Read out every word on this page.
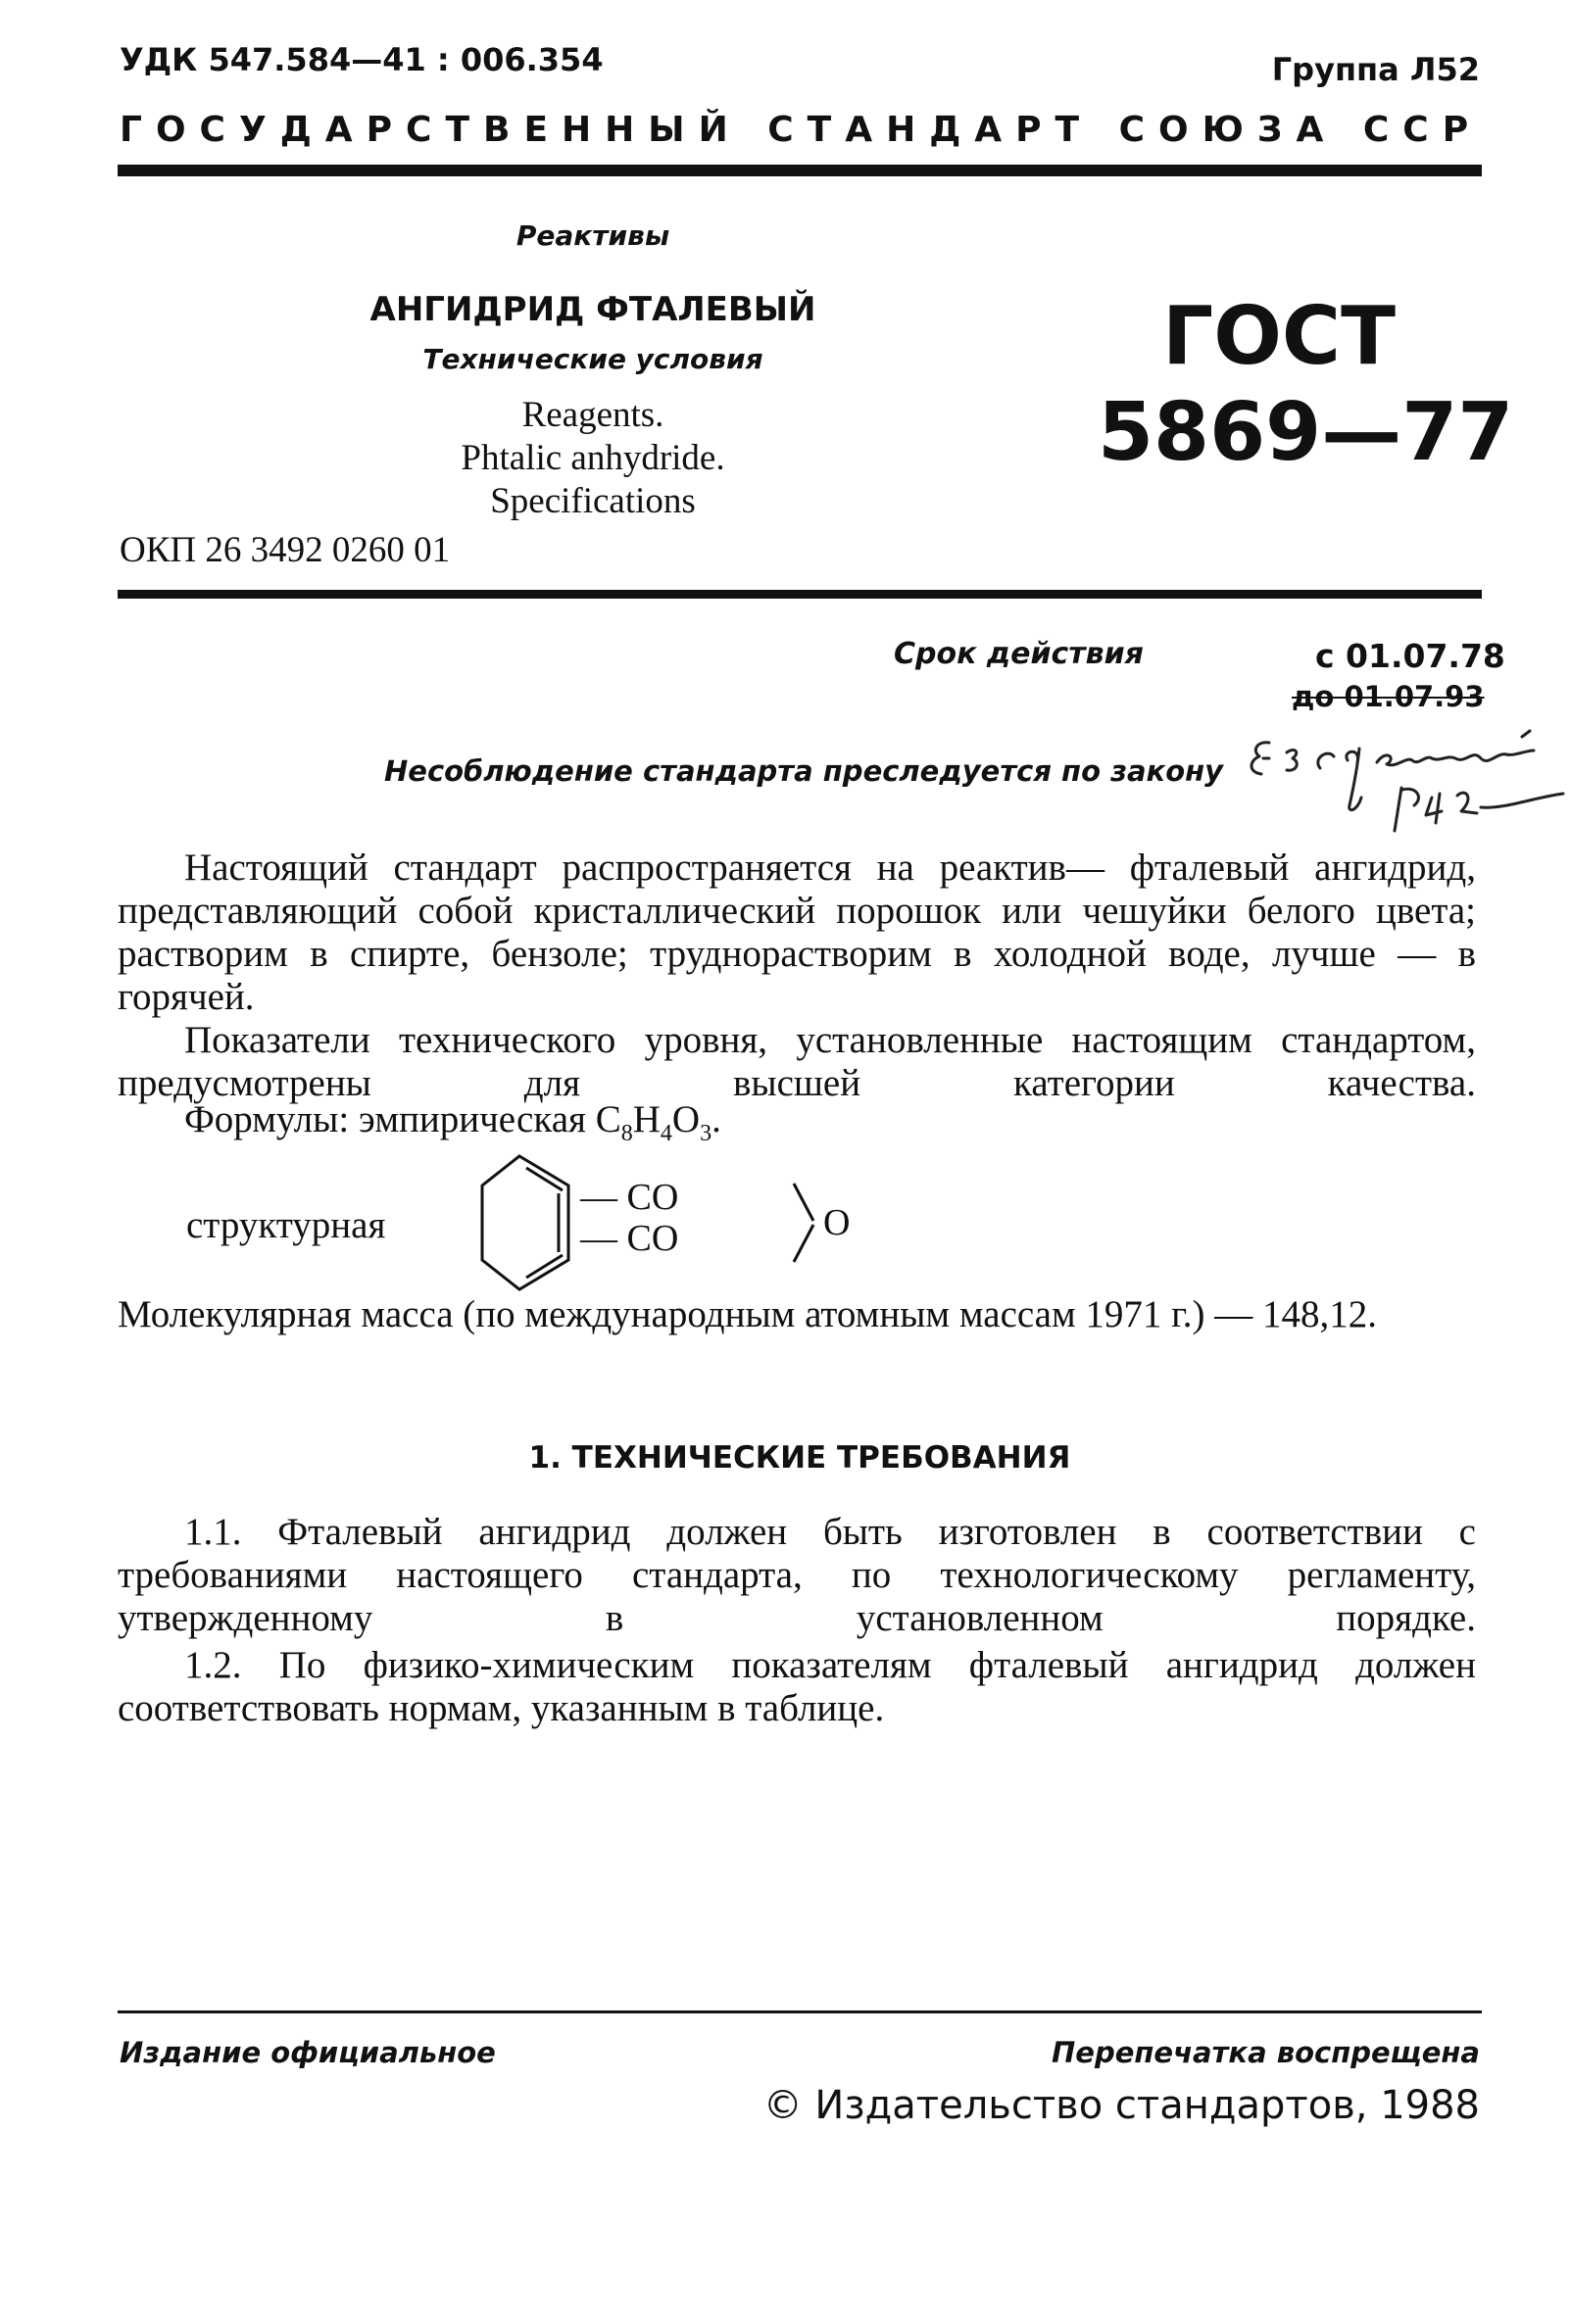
УДК 547.584—41 : 006.354	Группа Л52
ГОСУДАРСТВЕННЫЙ СТАНДАРТ СОЮЗА ССР
Реактивы
АНГИДРИД ФТАЛЕВЫЙ
Технические условия
Reagents.
Phtalic anhydride.
Specifications
ГОСТ
5869—77
ОКП 26 3492 0260 01
Срок действия	с 01.07.78
до 01.07.93
Несоблюдение стандарта преследуется по закону

Настоящий стандарт распространяется на реактив— фталевый ангидрид, представляющий собой кристаллический порошок или чешуйки белого цвета; растворим в спирте, бензоле; труднорастворим в холодной воде, лучше — в горячей.

Показатели технического уровня, установленные настоящим стандартом, предусмотрены для высшей категории качества.

Формулы: эмпирическая $C_8H_4O_3$.
структурная
— CO
— CO	O

Молекулярная масса (по международным атомным массам 1971 г.) — 148,12.

1. ТЕХНИЧЕСКИЕ ТРЕБОВАНИЯ

1.1. Фталевый ангидрид должен быть изготовлен в соответствии с требованиями настоящего стандарта, по технологическому регламенту, утвержденному в установленном порядке.

1.2. По физико-химическим показателям фталевый ангидрид должен соответствовать нормам, указанным в таблице.

Издание официальное	Перепечатка воспрещена
© Издательство стандартов, 1988
